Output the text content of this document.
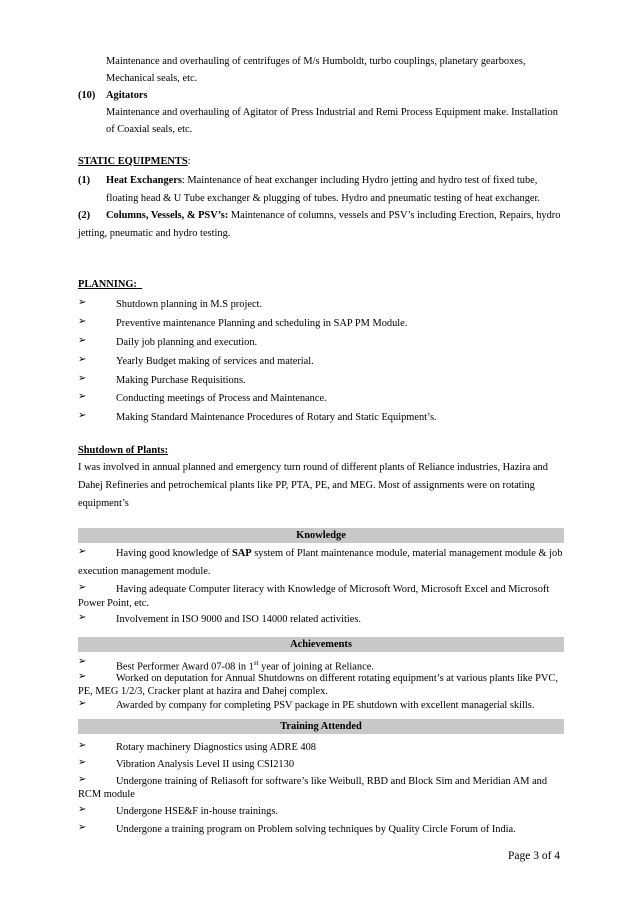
Maintenance and overhauling of centrifuges of M/s Humboldt, turbo couplings, planetary gearboxes,
Mechanical seals, etc.
(10) Agitators
Maintenance and overhauling of Agitator of Press Industrial and Remi Process Equipment make. Installation
of Coaxial seals, etc.
STATIC EQUIPMENTS:
(1) Heat Exchangers: Maintenance of heat exchanger including Hydro jetting and hydro test of fixed tube,
floating head & U Tube exchanger & plugging of tubes. Hydro and pneumatic testing of heat exchanger.
(2) Columns, Vessels, & PSV’s: Maintenance of columns, vessels and PSV’s including Erection, Repairs, hydro
jetting, pneumatic and hydro testing.
PLANNING:
➢	Shutdown planning in M.S project.
➢	Preventive maintenance Planning and scheduling in SAP PM Module.
➢	Daily job planning and execution.
➢	Yearly Budget making of services and material.
➢	Making Purchase Requisitions.
➢	Conducting meetings of Process and Maintenance.
➢	Making Standard Maintenance Procedures of Rotary and Static Equipment’s.
Shutdown of Plants:
I was involved in annual planned and emergency turn round of different plants of Reliance industries, Hazira and
Dahej Refineries and petrochemical plants like PP, PTA, PE, and MEG. Most of assignments were on rotating
equipment’s
Knowledge
➢	Having good knowledge of SAP system of Plant maintenance module, material management module & job
execution management module.
➢	Having adequate Computer literacy with Knowledge of Microsoft Word, Microsoft Excel and Microsoft
Power Point, etc.
➢	Involvement in ISO 9000 and ISO 14000 related activities.
Achievements
➢	Best Performer Award 07-08 in 1st year of joining at Reliance.
➢	Worked on deputation for Annual Shutdowns on different rotating equipment’s at various plants like PVC,
PE, MEG 1/2/3, Cracker plant at hazira and Dahej complex.
➢	Awarded by company for completing PSV package in PE shutdown with excellent managerial skills.
Training Attended
➢	Rotary machinery Diagnostics using ADRE 408
➢	Vibration Analysis Level II using CSI2130
➢	Undergone training of Reliasoft for software’s like Weibull, RBD and Block Sim and Meridian AM and
RCM module
➢	Undergone HSE&F in-house trainings.
➢	Undergone a training program on Problem solving techniques by Quality Circle Forum of India.
Page 3 of 4
